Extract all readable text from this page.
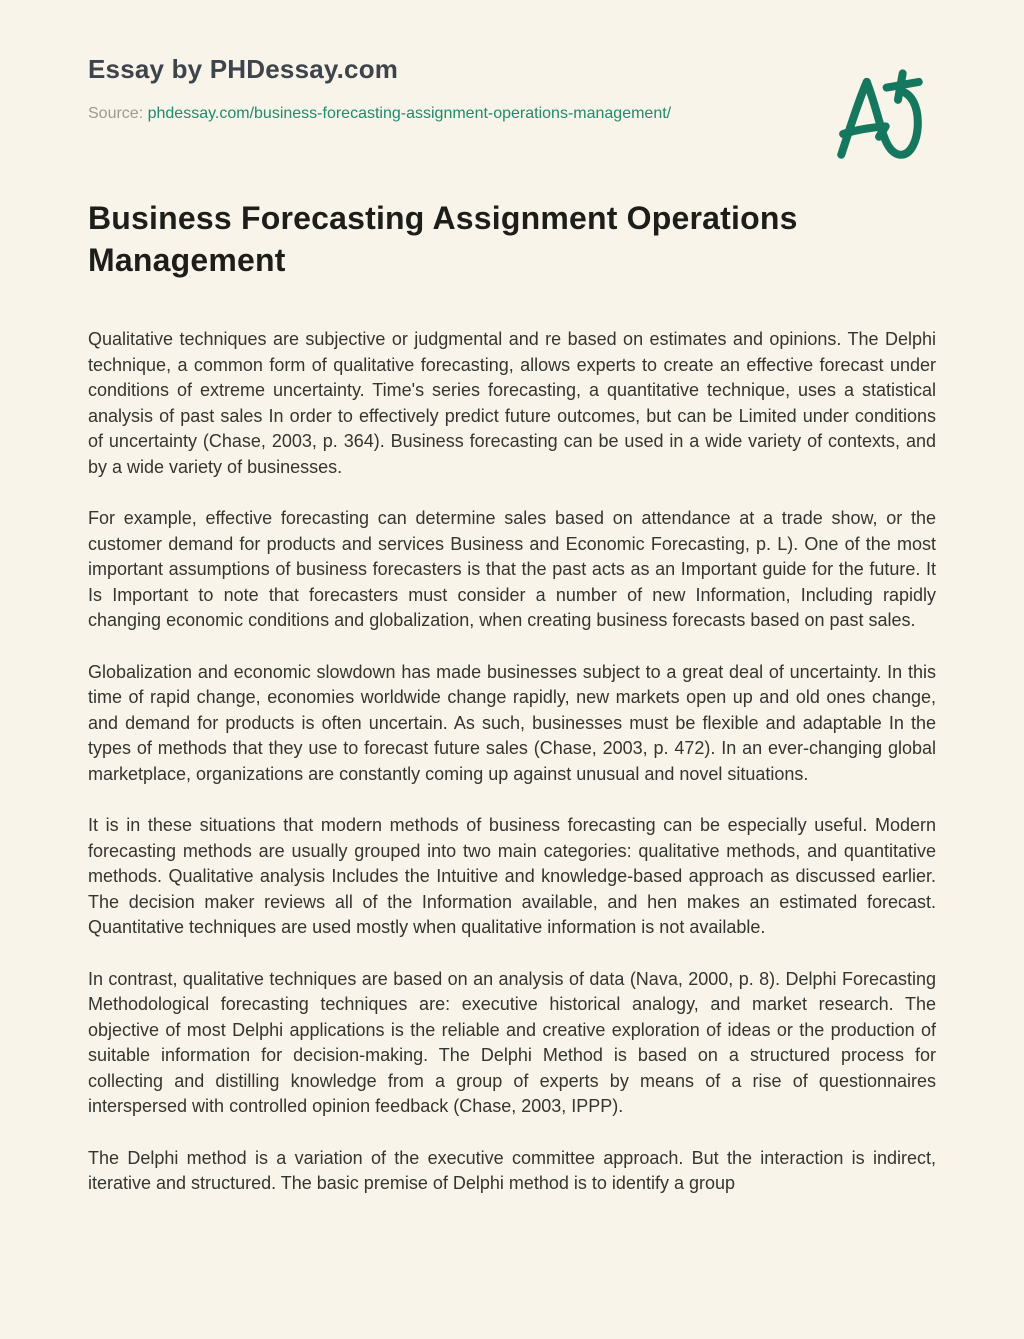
Essay by PHDessay.com
Source: phdessay.com/business-forecasting-assignment-operations-management/
Business Forecasting Assignment Operations Management

Qualitative techniques are subjective or judgmental and re based on estimates and opinions. The Delphi technique, a common form of qualitative forecasting, allows experts to create an effective forecast under conditions of extreme uncertainty. Time's series forecasting, a quantitative technique, uses a statistical analysis of past sales In order to effectively predict future outcomes, but can be Limited under conditions of uncertainty (Chase, 2003, p. 364). Business forecasting can be used in a wide variety of contexts, and by a wide variety of businesses.

For example, effective forecasting can determine sales based on attendance at a trade show, or the customer demand for products and services Business and Economic Forecasting, p. L). One of the most important assumptions of business forecasters is that the past acts as an Important guide for the future. It Is Important to note that forecasters must consider a number of new Information, Including rapidly changing economic conditions and globalization, when creating business forecasts based on past sales.

Globalization and economic slowdown has made businesses subject to a great deal of uncertainty. In this time of rapid change, economies worldwide change rapidly, new markets open up and old ones change, and demand for products is often uncertain. As such, businesses must be flexible and adaptable In the types of methods that they use to forecast future sales (Chase, 2003, p. 472). In an ever-changing global marketplace, organizations are constantly coming up against unusual and novel situations.

It is in these situations that modern methods of business forecasting can be especially useful. Modern forecasting methods are usually grouped into two main categories: qualitative methods, and quantitative methods. Qualitative analysis Includes the Intuitive and knowledge-based approach as discussed earlier. The decision maker reviews all of the Information available, and hen makes an estimated forecast. Quantitative techniques are used mostly when qualitative information is not available.

In contrast, qualitative techniques are based on an analysis of data (Nava, 2000, p. 8). Delphi Forecasting Methodological forecasting techniques are: executive historical analogy, and market research. The objective of most Delphi applications is the reliable and creative exploration of ideas or the production of suitable information for decision-making. The Delphi Method is based on a structured process for collecting and distilling knowledge from a group of experts by means of a rise of questionnaires interspersed with controlled opinion feedback (Chase, 2003, IPPP).

The Delphi method is a variation of the executive committee approach. But the interaction is indirect, iterative and structured. The basic premise of Delphi method is to identify a group
